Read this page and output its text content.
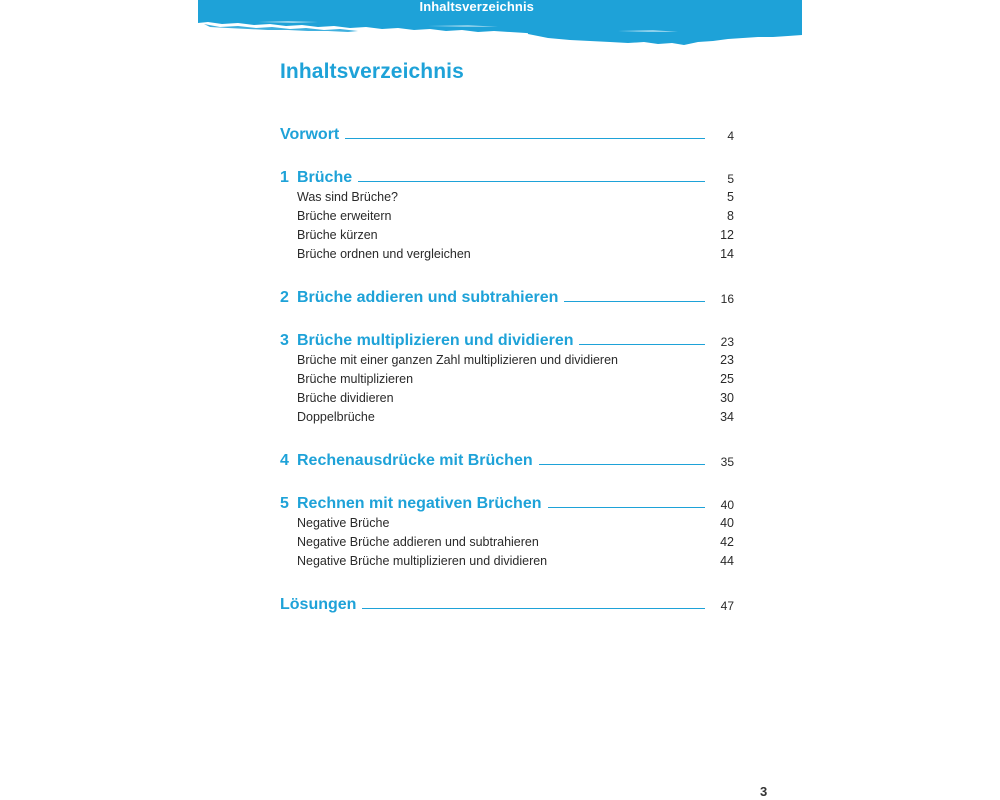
Inhaltsverzeichnis
Inhaltsverzeichnis
Vorwort	4
1 Brüche	5
Was sind Brüche?	5
Brüche erweitern	8
Brüche kürzen	12
Brüche ordnen und vergleichen	14
2 Brüche addieren und subtrahieren	16
3 Brüche multiplizieren und dividieren	23
Brüche mit einer ganzen Zahl multiplizieren und dividieren	23
Brüche multiplizieren	25
Brüche dividieren	30
Doppelbrüche	34
4 Rechenausdrücke mit Brüchen	35
5 Rechnen mit negativen Brüchen	40
Negative Brüche	40
Negative Brüche addieren und subtrahieren	42
Negative Brüche multiplizieren und dividieren	44
Lösungen	47
3
